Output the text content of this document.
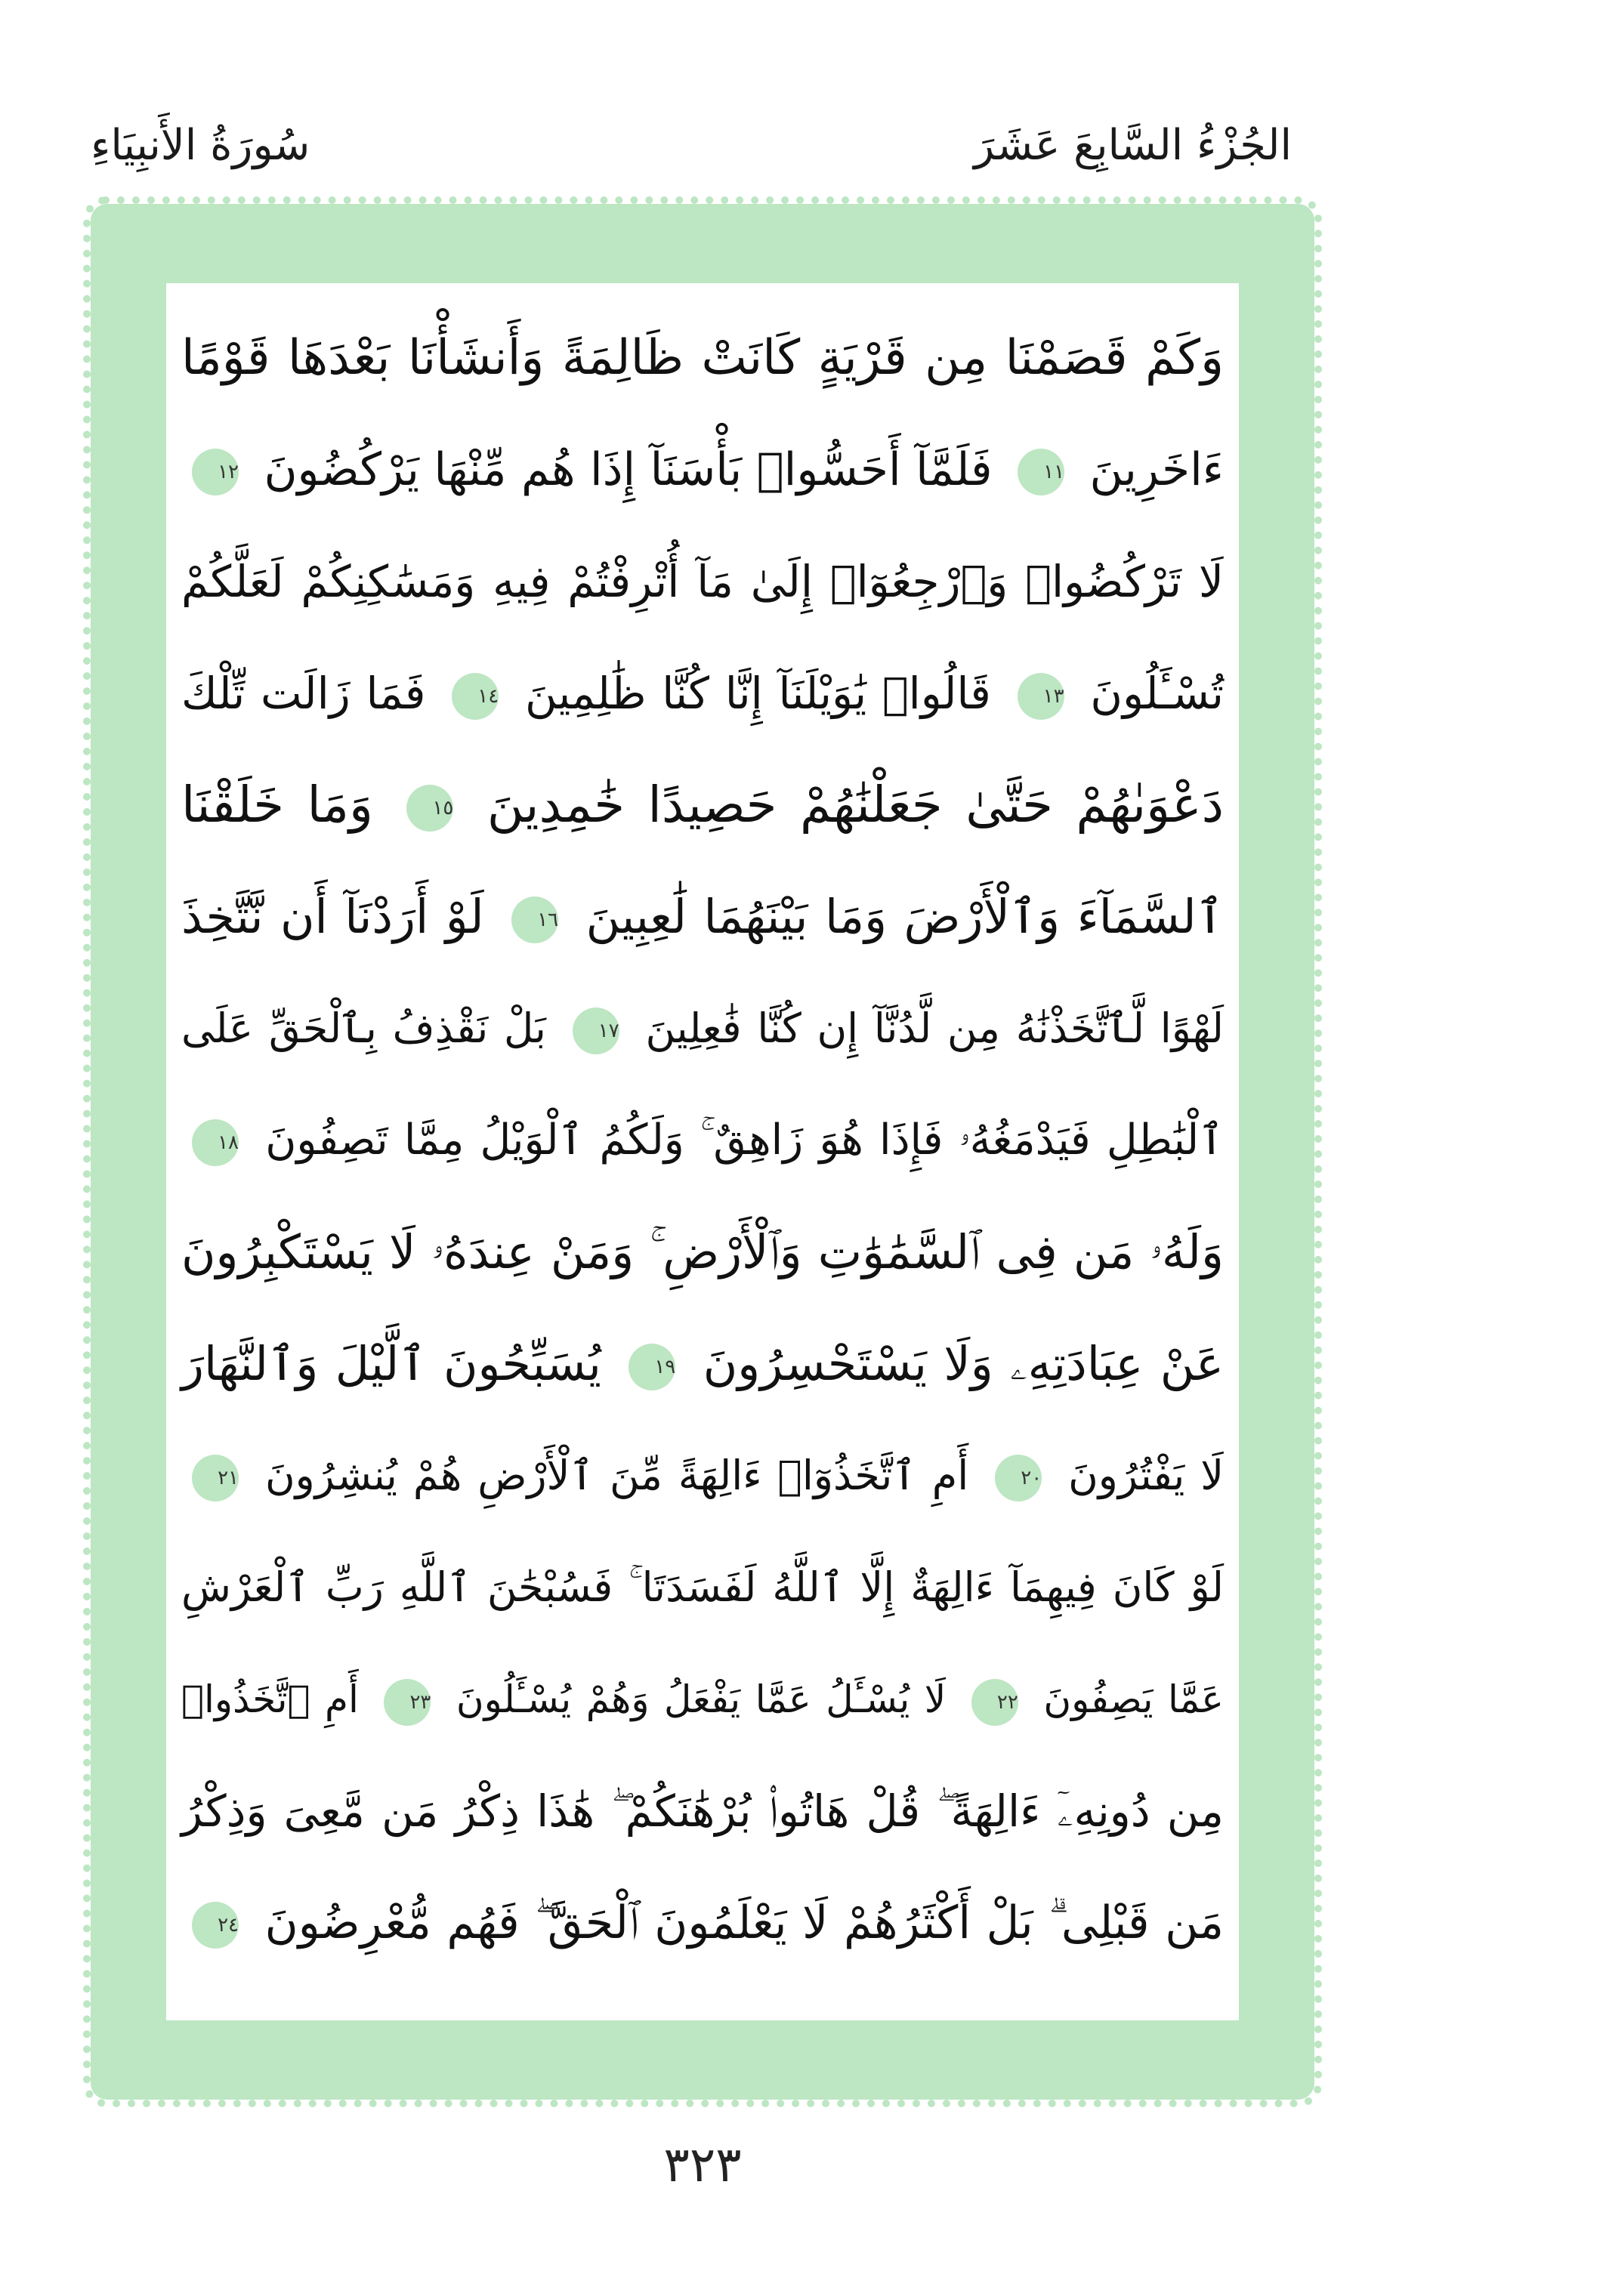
الجُزْءُ السَّابِعَ عَشَرَ
سُورَةُ الأَنبِيَاءِ
وَكَمْ قَصَمْنَا مِن قَرْيَةٍ كَانَتْ ظَالِمَةً وَأَنشَأْنَا بَعْدَهَا قَوْمًا
ءَاخَرِينَ ١١ فَلَمَّآ أَحَسُّوا۟ بَأْسَنَآ إِذَا هُم مِّنْهَا يَرْكُضُونَ ١٢
لَا تَرْكُضُوا۟ وَٱرْجِعُوٓا۟ إِلَىٰ مَآ أُتْرِفْتُمْ فِيهِ وَمَسَٰكِنِكُمْ لَعَلَّكُمْ
تُسْـَٔلُونَ ١٣ قَالُوا۟ يَٰوَيْلَنَآ إِنَّا كُنَّا ظَٰلِمِينَ ١٤ فَمَا زَالَت تِّلْكَ
دَعْوَىٰهُمْ حَتَّىٰ جَعَلْنَٰهُمْ حَصِيدًا خَٰمِدِينَ ١٥ وَمَا خَلَقْنَا
ٱلسَّمَآءَ وَٱلْأَرْضَ وَمَا بَيْنَهُمَا لَٰعِبِينَ ١٦ لَوْ أَرَدْنَآ أَن نَّتَّخِذَ
لَهْوًا لَّٱتَّخَذْنَٰهُ مِن لَّدُنَّآ إِن كُنَّا فَٰعِلِينَ ١٧ بَلْ نَقْذِفُ بِٱلْحَقِّ عَلَى
ٱلْبَٰطِلِ فَيَدْمَغُهُۥ فَإِذَا هُوَ زَاهِقٌ ۚ وَلَكُمُ ٱلْوَيْلُ مِمَّا تَصِفُونَ ١٨
وَلَهُۥ مَن فِى ٱلسَّمَٰوَٰتِ وَٱلْأَرْضِ ۚ وَمَنْ عِندَهُۥ لَا يَسْتَكْبِرُونَ
عَنْ عِبَادَتِهِۦ وَلَا يَسْتَحْسِرُونَ ١٩ يُسَبِّحُونَ ٱلَّيْلَ وَٱلنَّهَارَ
لَا يَفْتُرُونَ ٢٠ أَمِ ٱتَّخَذُوٓا۟ ءَالِهَةً مِّنَ ٱلْأَرْضِ هُمْ يُنشِرُونَ ٢١
لَوْ كَانَ فِيهِمَآ ءَالِهَةٌ إِلَّا ٱللَّهُ لَفَسَدَتَا ۚ فَسُبْحَٰنَ ٱللَّهِ رَبِّ ٱلْعَرْشِ
عَمَّا يَصِفُونَ ٢٢ لَا يُسْـَٔلُ عَمَّا يَفْعَلُ وَهُمْ يُسْـَٔلُونَ ٢٣ أَمِ ٱتَّخَذُوا۟
مِن دُونِهِۦٓ ءَالِهَةً ۖ قُلْ هَاتُوا۟ بُرْهَٰنَكُمْ ۖ هَٰذَا ذِكْرُ مَن مَّعِىَ وَذِكْرُ
مَن قَبْلِى ۗ بَلْ أَكْثَرُهُمْ لَا يَعْلَمُونَ ٱلْحَقَّ ۖ فَهُم مُّعْرِضُونَ ٢٤
٣٢٣
